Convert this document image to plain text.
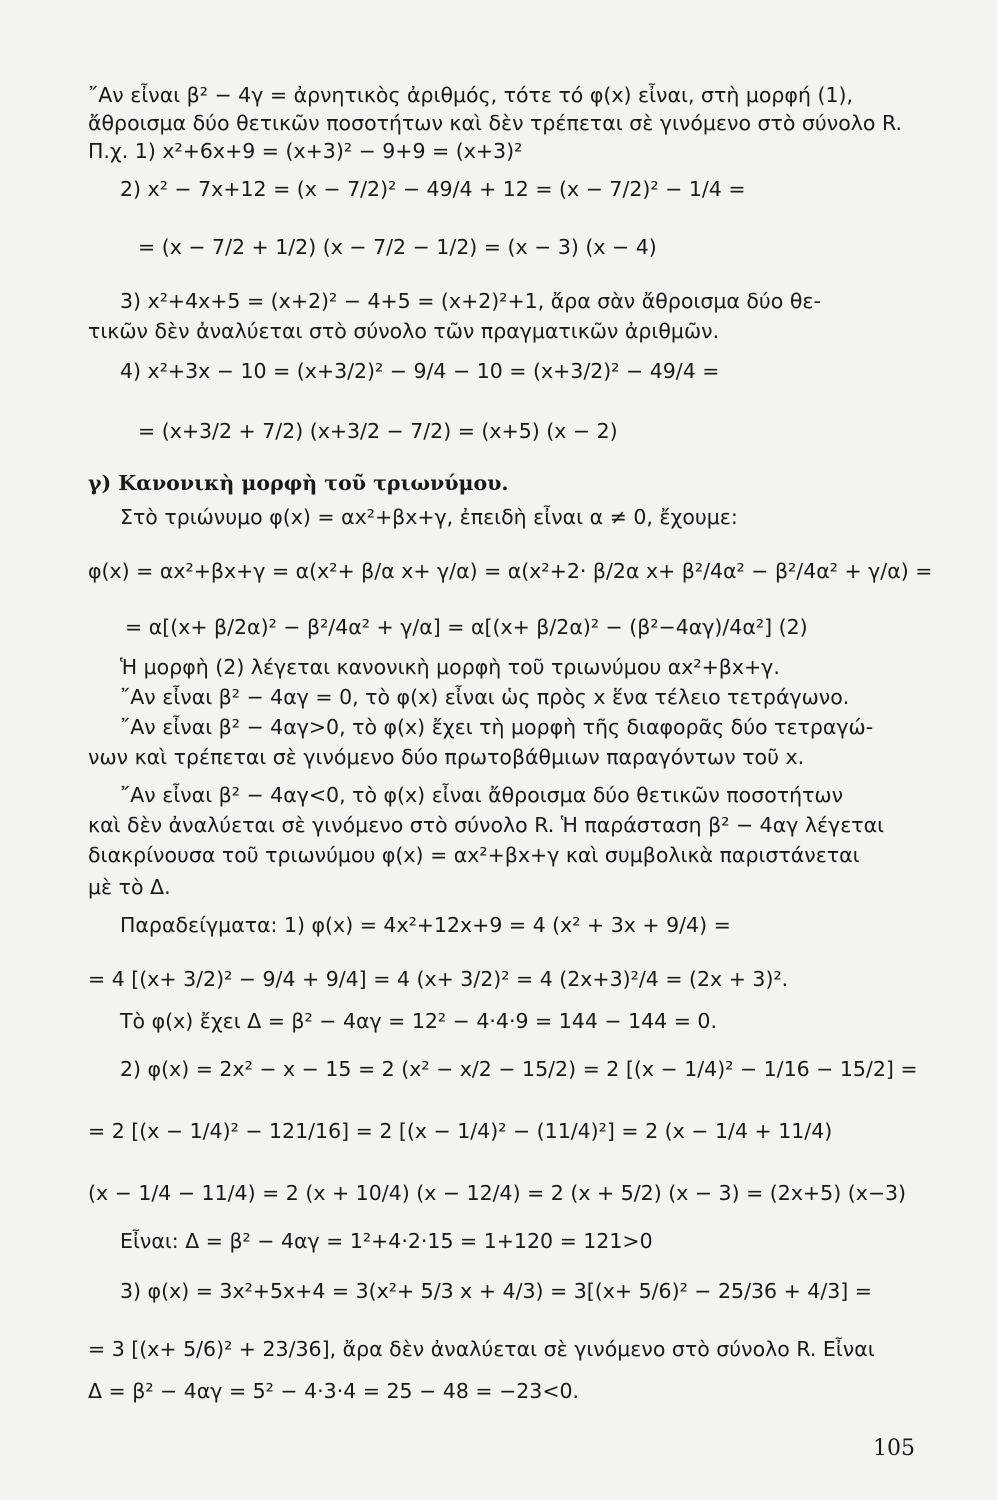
῎Αν εἶναι β² − 4γ = ἀρνητικὸς ἀριθμός, τότε τό φ(x) εἶναι, στὴ μορφή (1),
ἄθροισμα δύο θετικῶν ποσοτήτων καὶ δὲν τρέπεται σὲ γινόμενο στὸ σύνολο R.
Π.χ. 1) x²+6x+9 = (x+3)² − 9+9 = (x+3)²
2) x² − 7x+12 = (x − 7/2)² − 49/4 + 12 = (x − 7/2)² − 1/4 =
= (x − 7/2 + 1/2) (x − 7/2 − 1/2) = (x − 3) (x − 4)
3) x²+4x+5 = (x+2)² − 4+5 = (x+2)²+1, ἄρα σὰν ἄθροισμα δύο θε-
τικῶν δὲν ἀναλύεται στὸ σύνολο τῶν πραγματικῶν ἀριθμῶν.
4) x²+3x − 10 = (x+3/2)² − 9/4 − 10 = (x+3/2)² − 49/4 =
= (x+3/2 + 7/2) (x+3/2 − 7/2) = (x+5) (x − 2)
γ) Κανονικὴ μορφὴ τοῦ τριωνύμου.
Στὸ τριώνυμο φ(x) = αx²+βx+γ, ἐπειδὴ εἶναι α ≠ 0, ἔχουμε:
φ(x) = αx²+βx+γ = α(x²+ β/α x+ γ/α) = α(x²+2· β/2α x+ β²/4α² − β²/4α² + γ/α) =
= α[(x+ β/2α)² − β²/4α² + γ/α] = α[(x+ β/2α)² − (β²−4αγ)/4α²] (2)
Ἡ μορφὴ (2) λέγεται κανονικὴ μορφὴ τοῦ τριωνύμου αx²+βx+γ.
῎Αν εἶναι β² − 4αγ = 0, τὸ φ(x) εἶναι ὡς πρὸς x ἕνα τέλειο τετράγωνο.
῎Αν εἶναι β² − 4αγ>0, τὸ φ(x) ἔχει τὴ μορφὴ τῆς διαφορᾶς δύο τετραγώ-
νων καὶ τρέπεται σὲ γινόμενο δύο πρωτοβάθμιων παραγόντων τοῦ x.
῎Αν εἶναι β² − 4αγ<0, τὸ φ(x) εἶναι ἄθροισμα δύο θετικῶν ποσοτήτων
καὶ δὲν ἀναλύεται σὲ γινόμενο στὸ σύνολο R. Ἡ παράσταση β² − 4αγ λέγεται
διακρίνουσα τοῦ τριωνύμου φ(x) = αx²+βx+γ καὶ συμβολικὰ παριστάνεται
μὲ τὸ Δ.
Παραδείγματα: 1) φ(x) = 4x²+12x+9 = 4 (x² + 3x + 9/4) =
= 4 [(x+ 3/2)² − 9/4 + 9/4] = 4 (x+ 3/2)² = 4 (2x+3)²/4 = (2x + 3)².
Τὸ φ(x) ἔχει Δ = β² − 4αγ = 12² − 4·4·9 = 144 − 144 = 0.
2) φ(x) = 2x² − x − 15 = 2 (x² − x/2 − 15/2) = 2 [(x − 1/4)² − 1/16 − 15/2] =
= 2 [(x − 1/4)² − 121/16] = 2 [(x − 1/4)² − (11/4)²] = 2 (x − 1/4 + 11/4)
(x − 1/4 − 11/4) = 2 (x + 10/4) (x − 12/4) = 2 (x + 5/2) (x − 3) = (2x+5) (x−3)
Εἶναι: Δ = β² − 4αγ = 1²+4·2·15 = 1+120 = 121>0
3) φ(x) = 3x²+5x+4 = 3(x²+ 5/3 x + 4/3) = 3[(x+ 5/6)² − 25/36 + 4/3] =
= 3 [(x+ 5/6)² + 23/36], ἄρα δὲν ἀναλύεται σὲ γινόμενο στὸ σύνολο R. Εἶναι
Δ = β² − 4αγ = 5² − 4·3·4 = 25 − 48 = −23<0.
105
